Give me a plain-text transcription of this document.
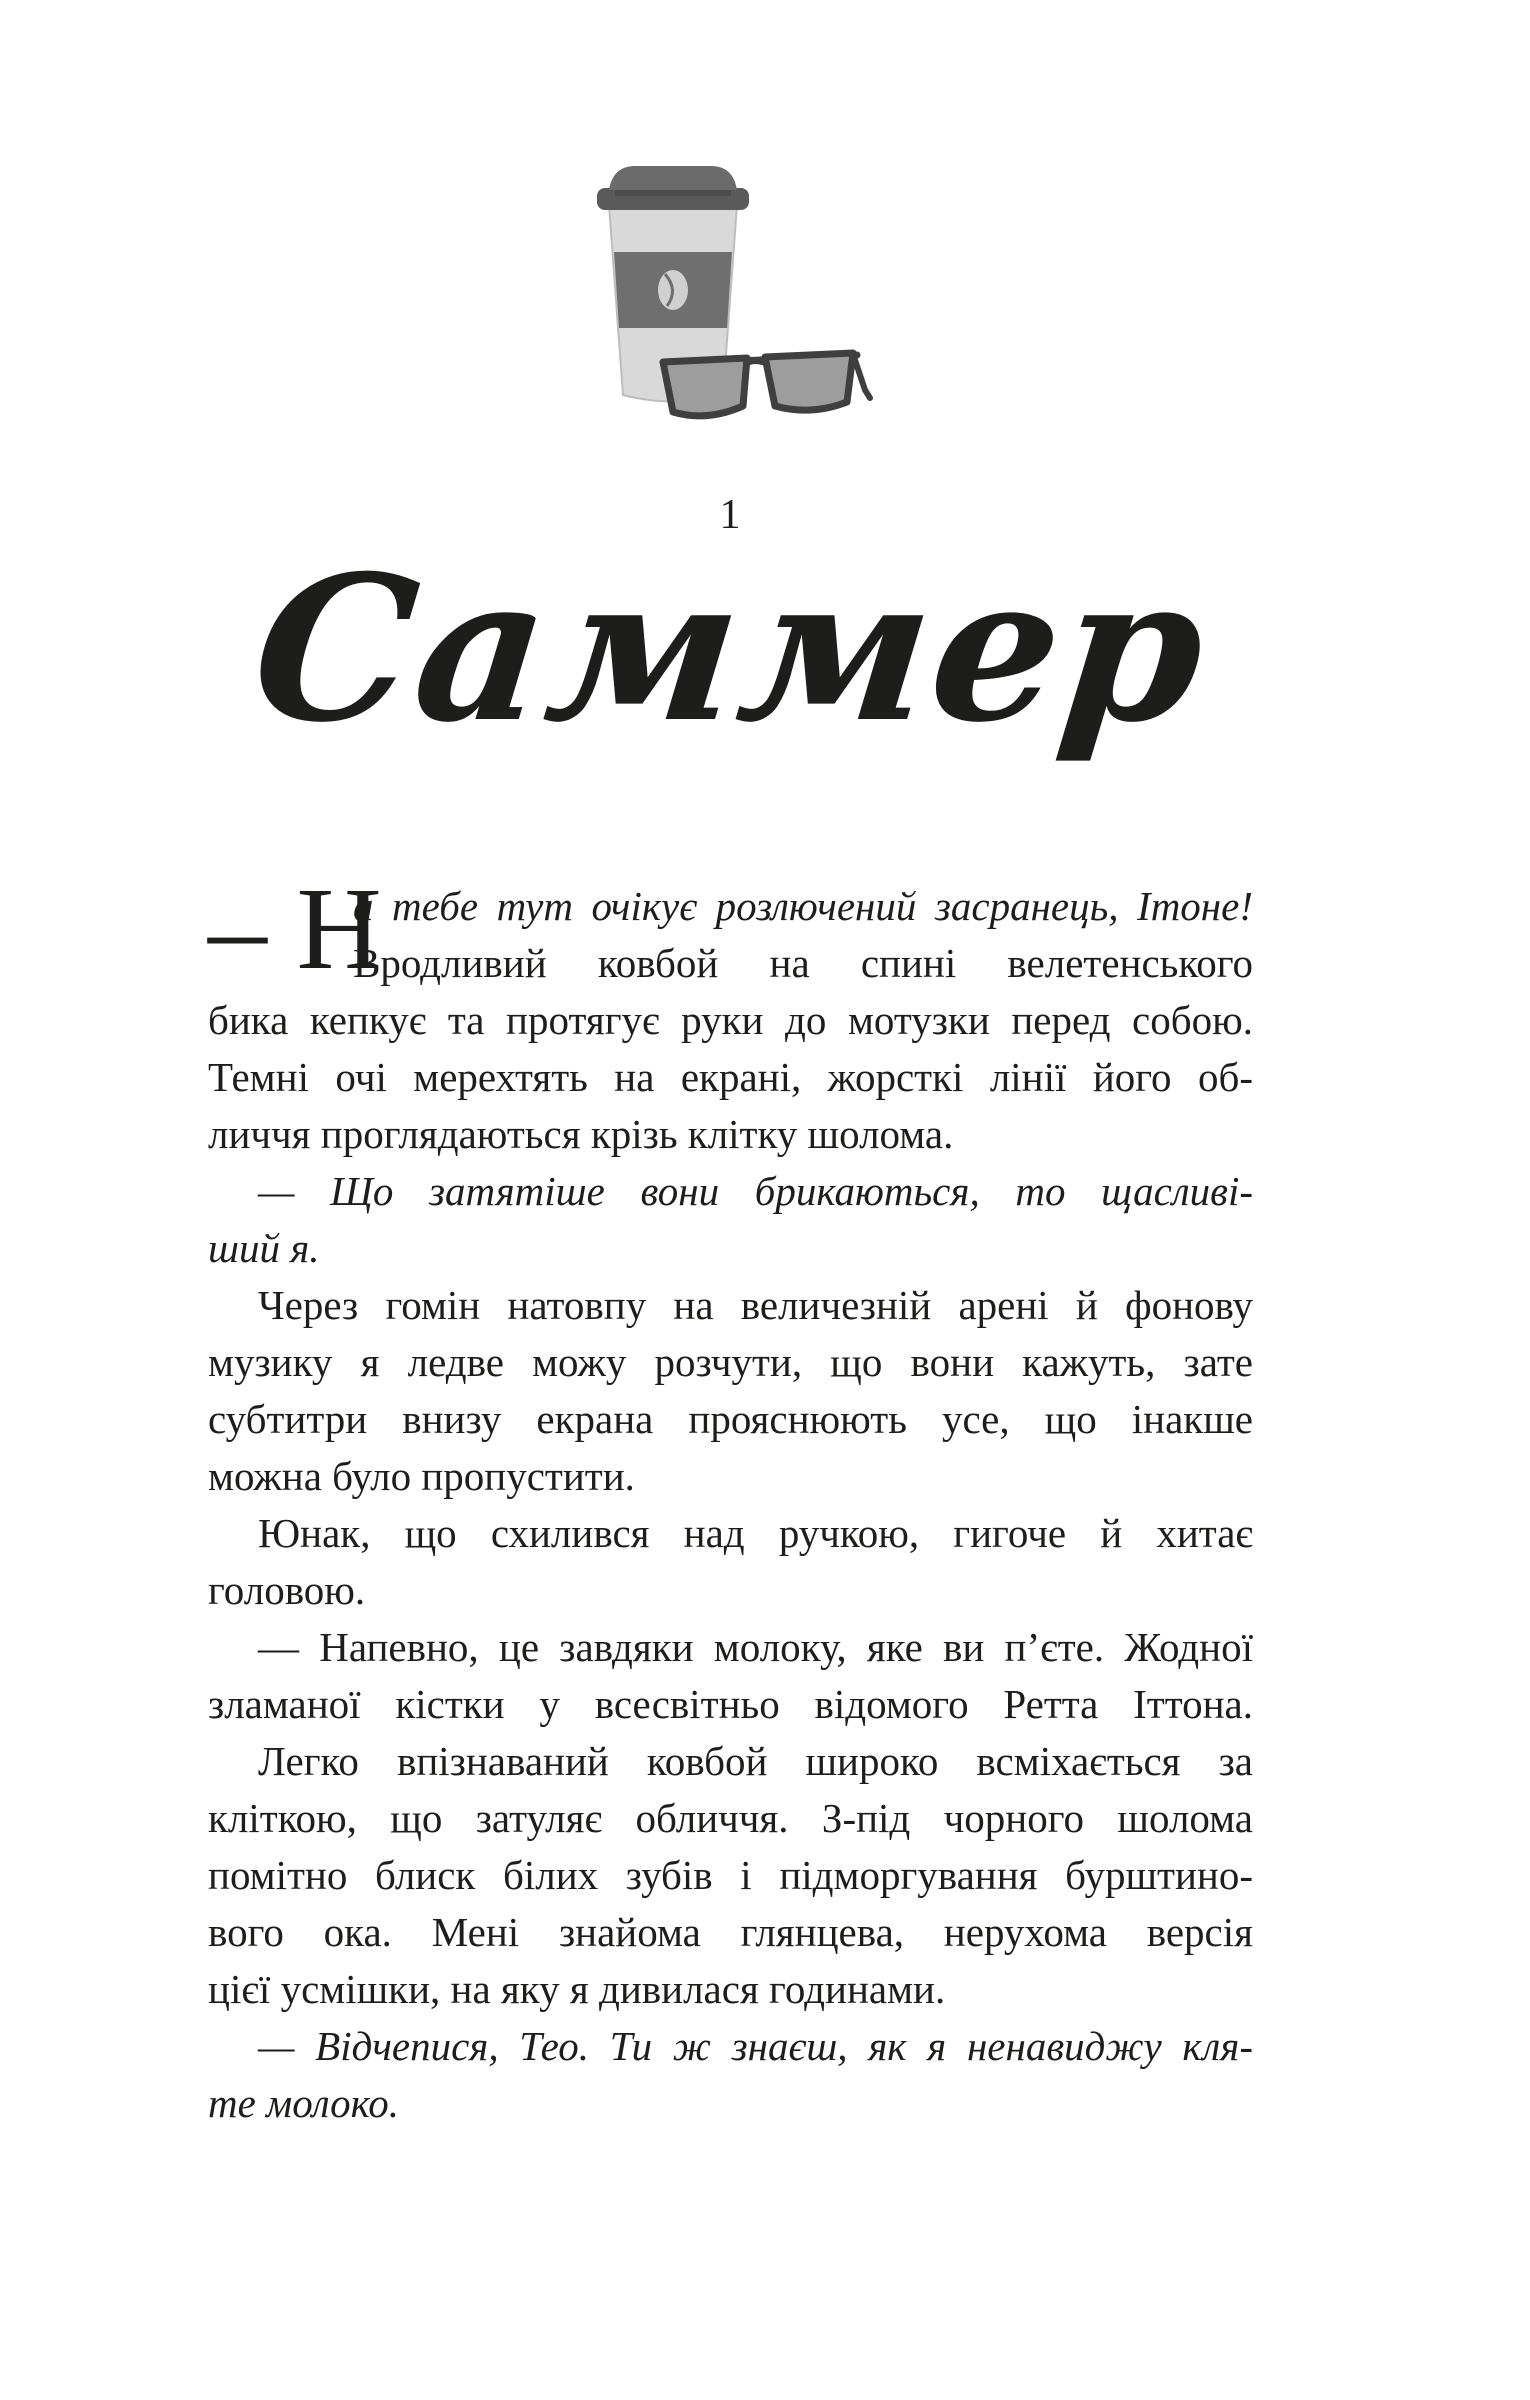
1
Саммер
– Н
а тебе тут очікує розлючений засранець, Ітоне!
Вродливий ковбой на спині велетенського
бика кепкує та протягує руки до мотузки перед собою.
Темні очі мерехтять на екрані, жорсткі лінії його об-
личчя проглядаються крізь клітку шолома.
— Що затятіше вони брикаються, то щасливі-
ший я.
Через гомін натовпу на величезній арені й фонову
музику я ледве можу розчути, що вони кажуть, зате
субтитри внизу екрана прояснюють усе, що інакше
можна було пропустити.
Юнак, що схилився над ручкою, гигоче й хитає
головою.
— Напевно, це завдяки молоку, яке ви п’єте. Жодної
зламаної кістки у всесвітньо відомого Ретта Іттона.
Легко впізнаваний ковбой широко всміхається за
кліткою, що затуляє обличчя. З-під чорного шолома
помітно блиск білих зубів і підморгування бурштино-
вого ока. Мені знайома глянцева, нерухома версія
цієї усмішки, на яку я дивилася годинами.
— Відчепися, Тео. Ти ж знаєш, як я ненавиджу кля-
те молоко.
